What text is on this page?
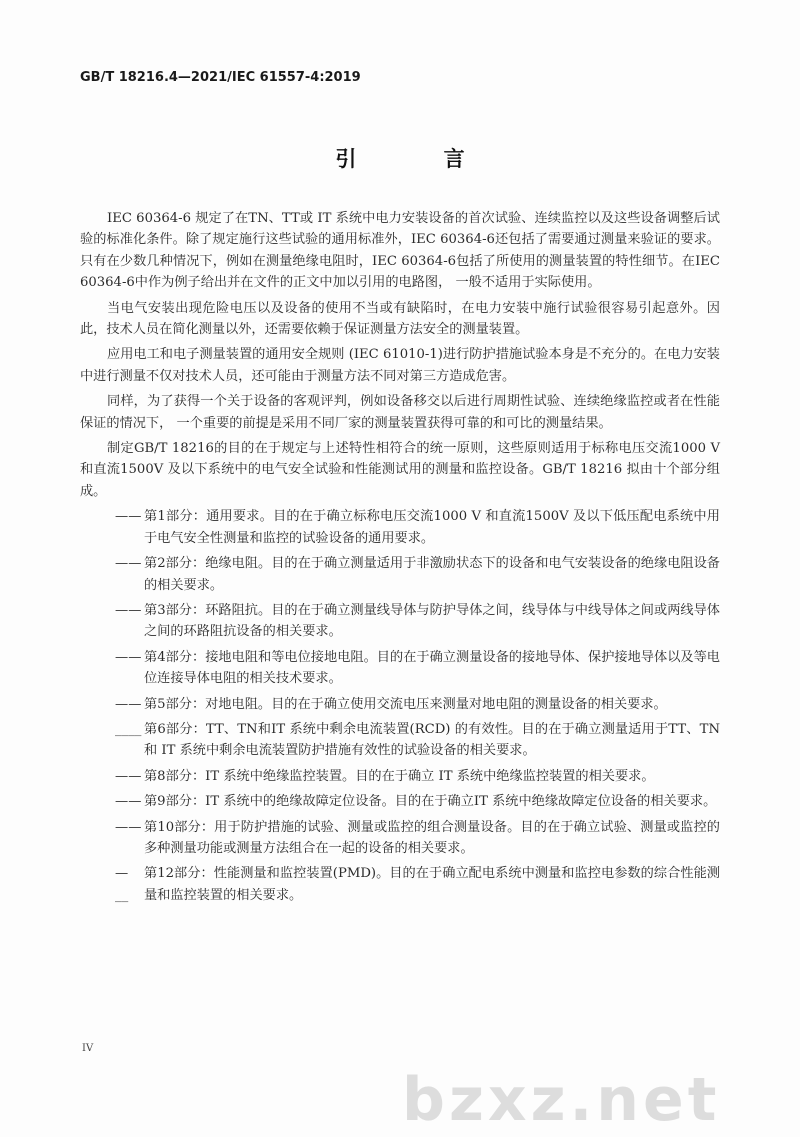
GB/T 18216.4—2021/IEC 61557-4:2019
引 言

IEC 60364-6 规定了在TN、TT或 IT 系统中电力安装设备的首次试验、连续监控以及这些设备调整后试验的标准化条件。除了规定施行这些试验的通用标准外，IEC 60364-6还包括了需要通过测量来验证的要求。只有在少数几种情况下，例如在测量绝缘电阻时，IEC 60364-6包括了所使用的测量装置的特性细节。在IEC 60364-6中作为例子给出并在文件的正文中加以引用的电路图， 一般不适用于实际使用。

当电气安装出现危险电压以及设备的使用不当或有缺陷时，在电力安装中施行试验很容易引起意外。因此，技术人员在简化测量以外，还需要依赖于保证测量方法安全的测量装置。

应用电工和电子测量装置的通用安全规则 (IEC 61010-1)进行防护措施试验本身是不充分的。在电力安装中进行测量不仅对技术人员，还可能由于测量方法不同对第三方造成危害。

同样，为了获得一个关于设备的客观评判，例如设备移交以后进行周期性试验、连续绝缘监控或者在性能保证的情况下， 一个重要的前提是采用不同厂家的测量装置获得可靠的和可比的测量结果。

制定GB/T 18216的目的在于规定与上述特性相符合的统一原则，这些原则适用于标称电压交流1000 V和直流1500V 及以下系统中的电气安全试验和性能测试用的测量和监控设备。GB/T 18216 拟由十个部分组成。

—— 第1部分：通用要求。目的在于确立标称电压交流1000 V 和直流1500V 及以下低压配电系统中用于电气安全性测量和监控的试验设备的通用要求。
—— 第2部分：绝缘电阻。目的在于确立测量适用于非激励状态下的设备和电气安装设备的绝缘电阻设备的相关要求。
—— 第3部分：环路阻抗。目的在于确立测量线导体与防护导体之间，线导体与中线导体之间或两线导体之间的环路阻抗设备的相关要求。
—— 第4部分：接地电阻和等电位接地电阻。目的在于确立测量设备的接地导体、保护接地导体以及等电位连接导体电阻的相关技术要求。
—— 第5部分：对地电阻。目的在于确立使用交流电压来测量对地电阻的测量设备的相关要求。
____ 第6部分：TT、TN和IT 系统中剩余电流装置(RCD) 的有效性。目的在于确立测量适用于TT、TN 和 IT 系统中剩余电流装置防护措施有效性的试验设备的相关要求。
—— 第8部分：IT 系统中绝缘监控装置。目的在于确立 IT 系统中绝缘监控装置的相关要求。
—— 第9部分：IT 系统中的绝缘故障定位设备。目的在于确立IT 系统中绝缘故障定位设备的相关要求。
—— 第10部分：用于防护措施的试验、测量或监控的组合测量设备。目的在于确立试验、测量或监控的多种测量功能或测量方法组合在一起的设备的相关要求。
—__
第12部分：性能测量和监控装置(PMD)。目的在于确立配电系统中测量和监控电参数的综合性能测量和监控装置的相关要求。
IV
bzxz.net
